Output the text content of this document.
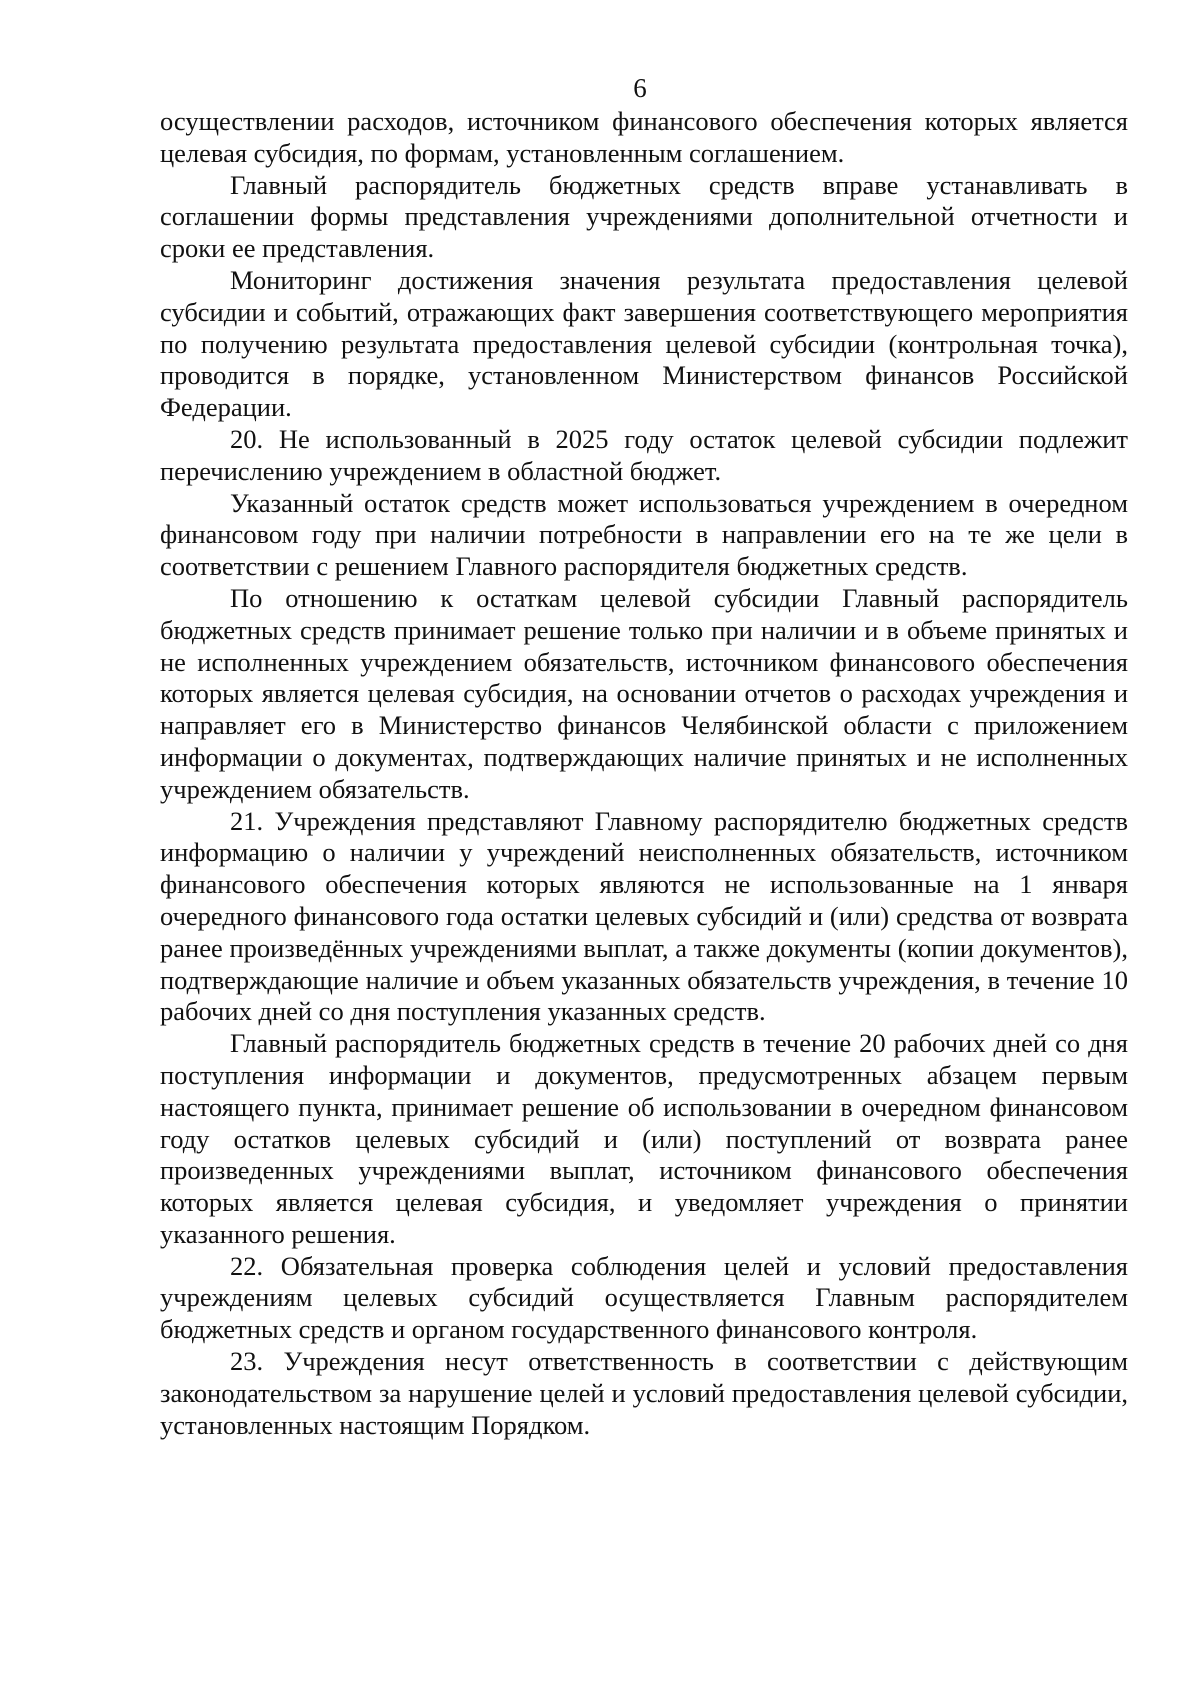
6

осуществлении расходов, источником финансового обеспечения которых является целевая субсидия, по формам, установленным соглашением.

Главный распорядитель бюджетных средств вправе устанавливать в соглашении формы представления учреждениями дополнительной отчетности и сроки ее представления.

Мониторинг достижения значения результата предоставления целевой субсидии и событий, отражающих факт завершения соответствующего мероприятия по получению результата предоставления целевой субсидии (контрольная точка), проводится в порядке, установленном Министерством финансов Российской Федерации.

20. Не использованный в 2025 году остаток целевой субсидии подлежит перечислению учреждением в областной бюджет.

Указанный остаток средств может использоваться учреждением в очередном финансовом году при наличии потребности в направлении его на те же цели в соответствии с решением Главного распорядителя бюджетных средств.

По отношению к остаткам целевой субсидии Главный распорядитель бюджетных средств принимает решение только при наличии и в объеме принятых и не исполненных учреждением обязательств, источником финансового обеспечения которых является целевая субсидия, на основании отчетов о расходах учреждения и направляет его в Министерство финансов Челябинской области с приложением информации о документах, подтверждающих наличие принятых и не исполненных учреждением обязательств.

21. Учреждения представляют Главному распорядителю бюджетных средств информацию о наличии у учреждений неисполненных обязательств, источником финансового обеспечения которых являются не использованные на 1 января очередного финансового года остатки целевых субсидий и (или) средства от возврата ранее произведённых учреждениями выплат, а также документы (копии документов), подтверждающие наличие и объем указанных обязательств учреждения, в течение 10 рабочих дней со дня поступления указанных средств.

Главный распорядитель бюджетных средств в течение 20 рабочих дней со дня поступления информации и документов, предусмотренных абзацем первым настоящего пункта, принимает решение об использовании в очередном финансовом году остатков целевых субсидий и (или) поступлений от возврата ранее произведенных учреждениями выплат, источником финансового обеспечения которых является целевая субсидия, и уведомляет учреждения о принятии указанного решения.

22. Обязательная проверка соблюдения целей и условий предоставления учреждениям целевых субсидий осуществляется Главным распорядителем бюджетных средств и органом государственного финансового контроля.

23. Учреждения несут ответственность в соответствии с действующим законодательством за нарушение целей и условий предоставления целевой субсидии, установленных настоящим Порядком.
